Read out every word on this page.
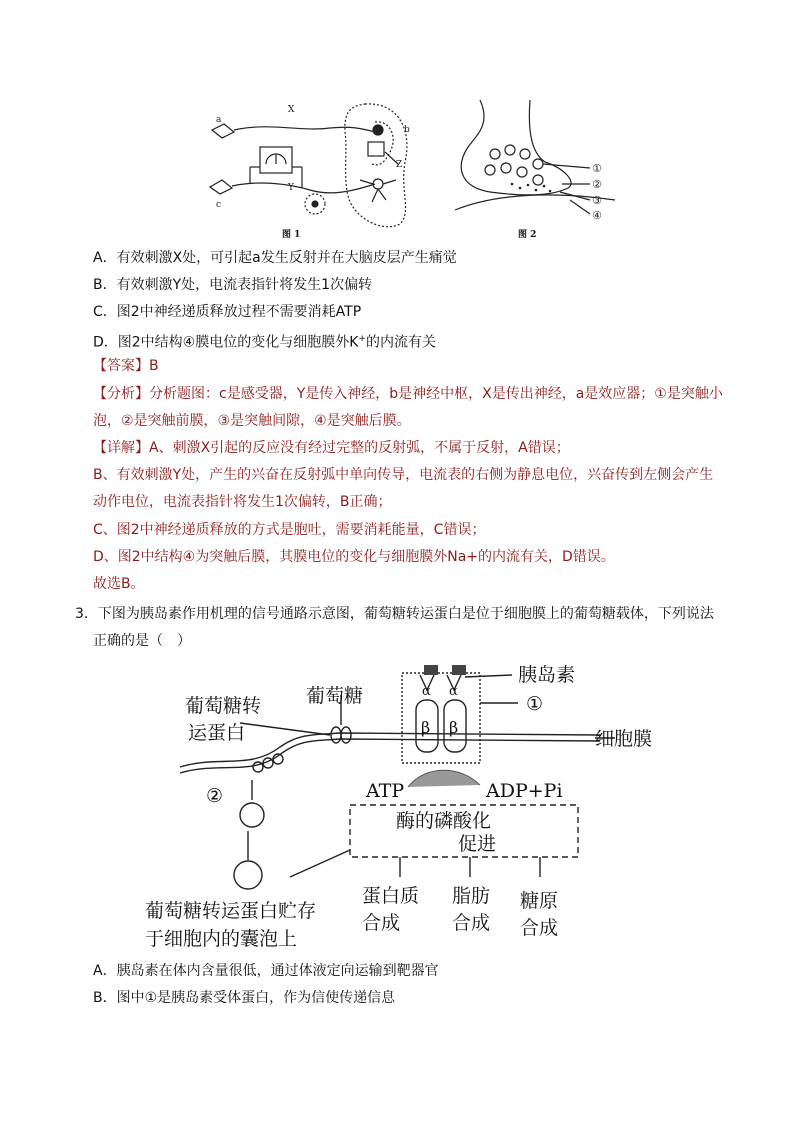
a
c
X
Y
b
Z
图 1
①
②
③
④
图 2
A．有效刺激X处，可引起a发生反射并在大脑皮层产生痛觉
B．有效刺激Y处，电流表指针将发生1次偏转
C．图2中神经递质释放过程不需要消耗ATP
D．图2中结构④膜电位的变化与细胞膜外K+的内流有关
【答案】B
【分析】分析题图：c是感受器，Y是传入神经，b是神经中枢，X是传出神经，a是效应器；①是突触小
泡，②是突触前膜，③是突触间隙，④是突触后膜。
【详解】A、刺激X引起的反应没有经过完整的反射弧，不属于反射，A错误；
B、有效刺激Y处，产生的兴奋在反射弧中单向传导，电流表的右侧为静息电位，兴奋传到左侧会产生
动作电位，电流表指针将发生1次偏转，B正确；
C、图2中神经递质释放的方式是胞吐，需要消耗能量，C错误；
D、图2中结构④为突触后膜，其膜电位的变化与细胞膜外Na+的内流有关，D错误。
故选B。
3．下图为胰岛素作用机理的信号通路示意图，葡萄糖转运蛋白是位于细胞膜上的葡萄糖载体，下列说法
正确的是（　）
胰岛素
①
葡萄糖转
运蛋白
葡萄糖
细胞膜
ATP	ADP+Pi
②
酶的磷酸化
促进
蛋白质
合成
脂肪
合成
糖原
合成
葡萄糖转运蛋白贮存
于细胞内的囊泡上
β β
α α
A．胰岛素在体内含量很低，通过体液定向运输到靶器官
B．图中①是胰岛素受体蛋白，作为信使传递信息
